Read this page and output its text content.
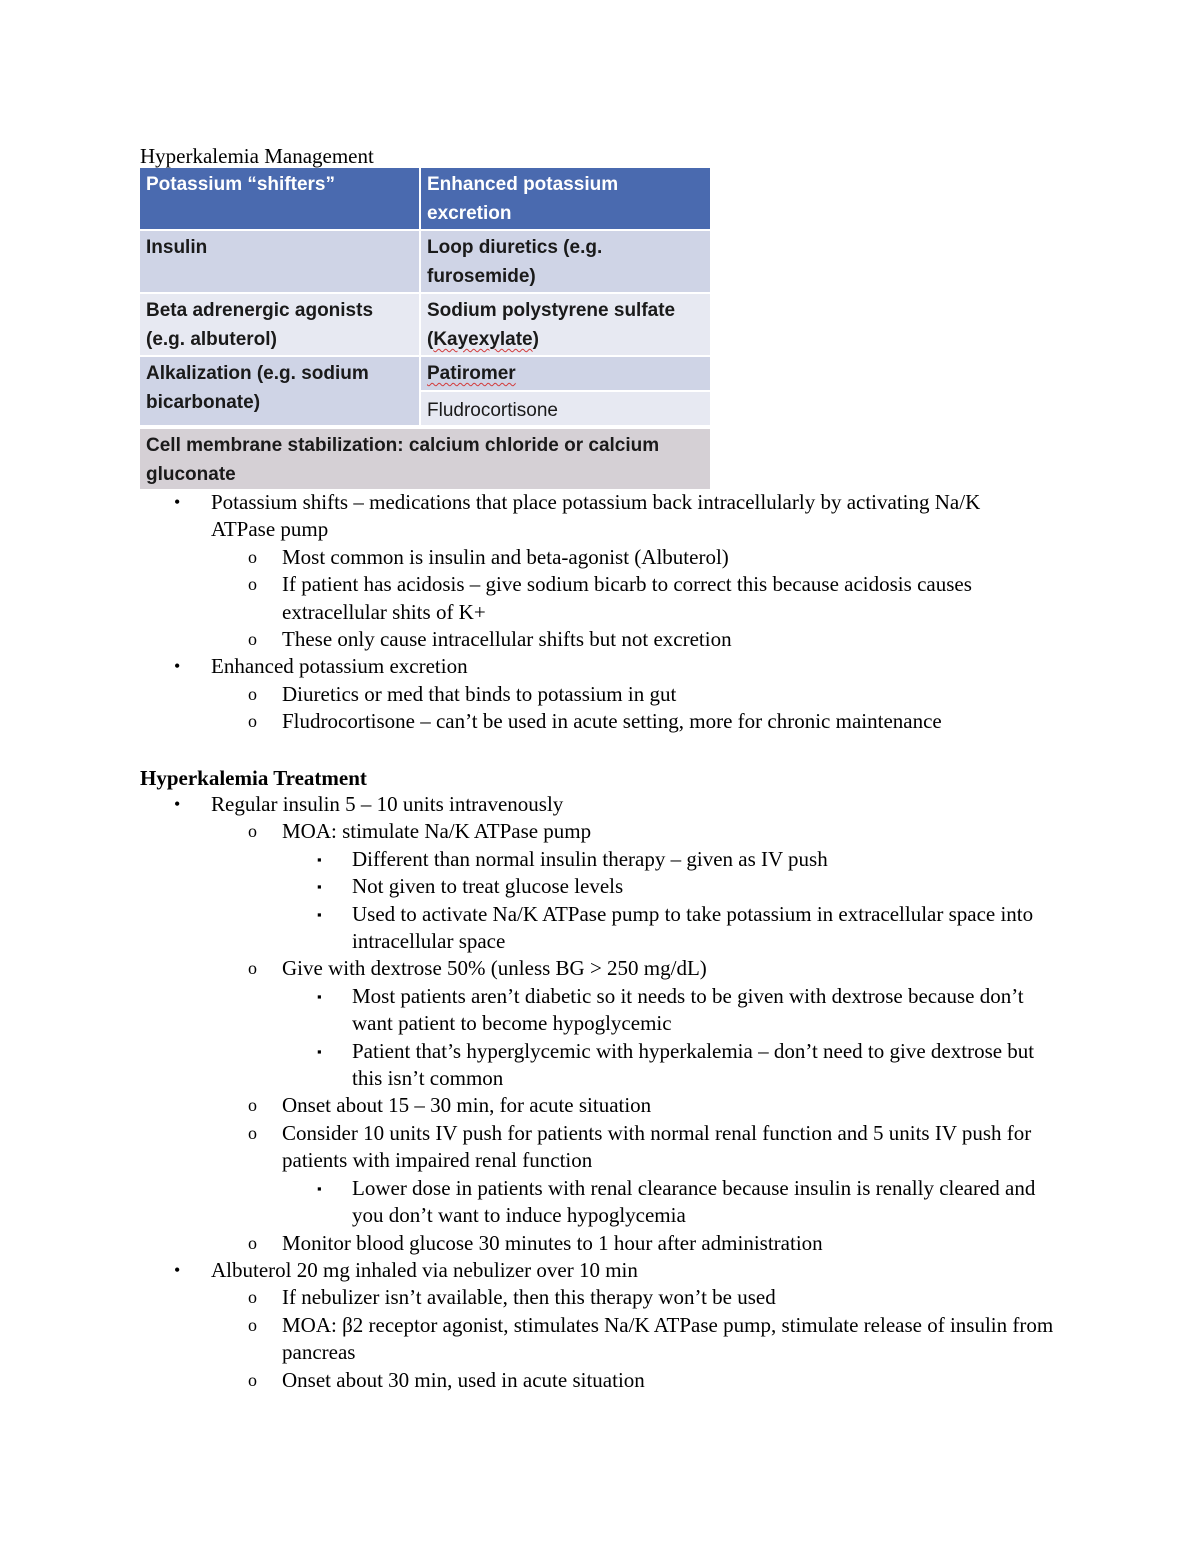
Hyperkalemia Management
Potassium “shifters”	Enhanced potassium excretion
Insulin	Loop diuretics (e.g. furosemide)
Beta adrenergic agonists (e.g. albuterol)
Sodium polystyrene sulfate (Kayexylate)
Alkalization (e.g. sodium bicarbonate)
Patiromer
Fludrocortisone
Cell membrane stabilization: calcium chloride or calcium gluconate
• Potassium shifts – medications that place potassium back intracellularly by activating Na/K ATPase pump
o Most common is insulin and beta-agonist (Albuterol)
o If patient has acidosis – give sodium bicarb to correct this because acidosis causes extracellular shits of K+
o These only cause intracellular shifts but not excretion
• Enhanced potassium excretion
o Diuretics or med that binds to potassium in gut
o Fludrocortisone – can’t be used in acute setting, more for chronic maintenance
Hyperkalemia Treatment
• Regular insulin 5 – 10 units intravenously
o MOA: stimulate Na/K ATPase pump
▪ Different than normal insulin therapy – given as IV push
▪ Not given to treat glucose levels
▪ Used to activate Na/K ATPase pump to take potassium in extracellular space into intracellular space
o Give with dextrose 50% (unless BG > 250 mg/dL)
▪ Most patients aren’t diabetic so it needs to be given with dextrose because don’t want patient to become hypoglycemic
▪ Patient that’s hyperglycemic with hyperkalemia – don’t need to give dextrose but this isn’t common
o Onset about 15 – 30 min, for acute situation
o Consider 10 units IV push for patients with normal renal function and 5 units IV push for patients with impaired renal function
▪ Lower dose in patients with renal clearance because insulin is renally cleared and you don’t want to induce hypoglycemia
o Monitor blood glucose 30 minutes to 1 hour after administration
• Albuterol 20 mg inhaled via nebulizer over 10 min
o If nebulizer isn’t available, then this therapy won’t be used
o MOA: β2 receptor agonist, stimulates Na/K ATPase pump, stimulate release of insulin from pancreas
o Onset about 30 min, used in acute situation
